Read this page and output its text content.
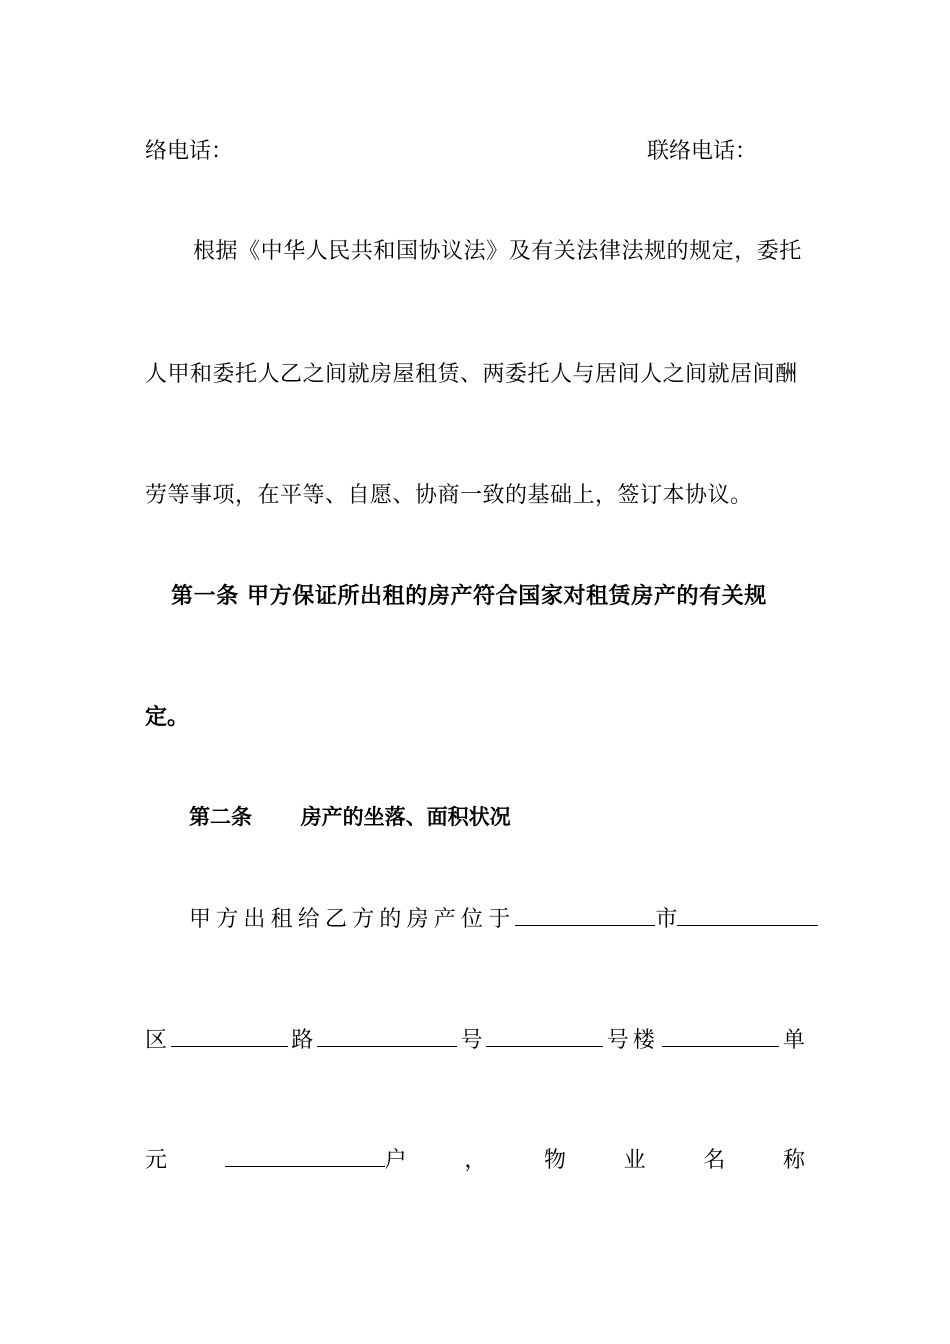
络电话：	联络电话：
根据《中华人民共和国协议法》及有关法律法规的规定，委托
人甲和委托人乙之间就房屋租赁、两委托人与居间人之间就居间酬
劳等事项，在平等、自愿、协商一致的基础上，签订本协议。
第一条 甲方保证所出租的房产符合国家对租赁房产的有关规
定。
第二条 房产的坐落、面积状况
甲方出租给乙方的房产位于	市
区	路	号	号楼	单
元	户	，	物	业	名	称
